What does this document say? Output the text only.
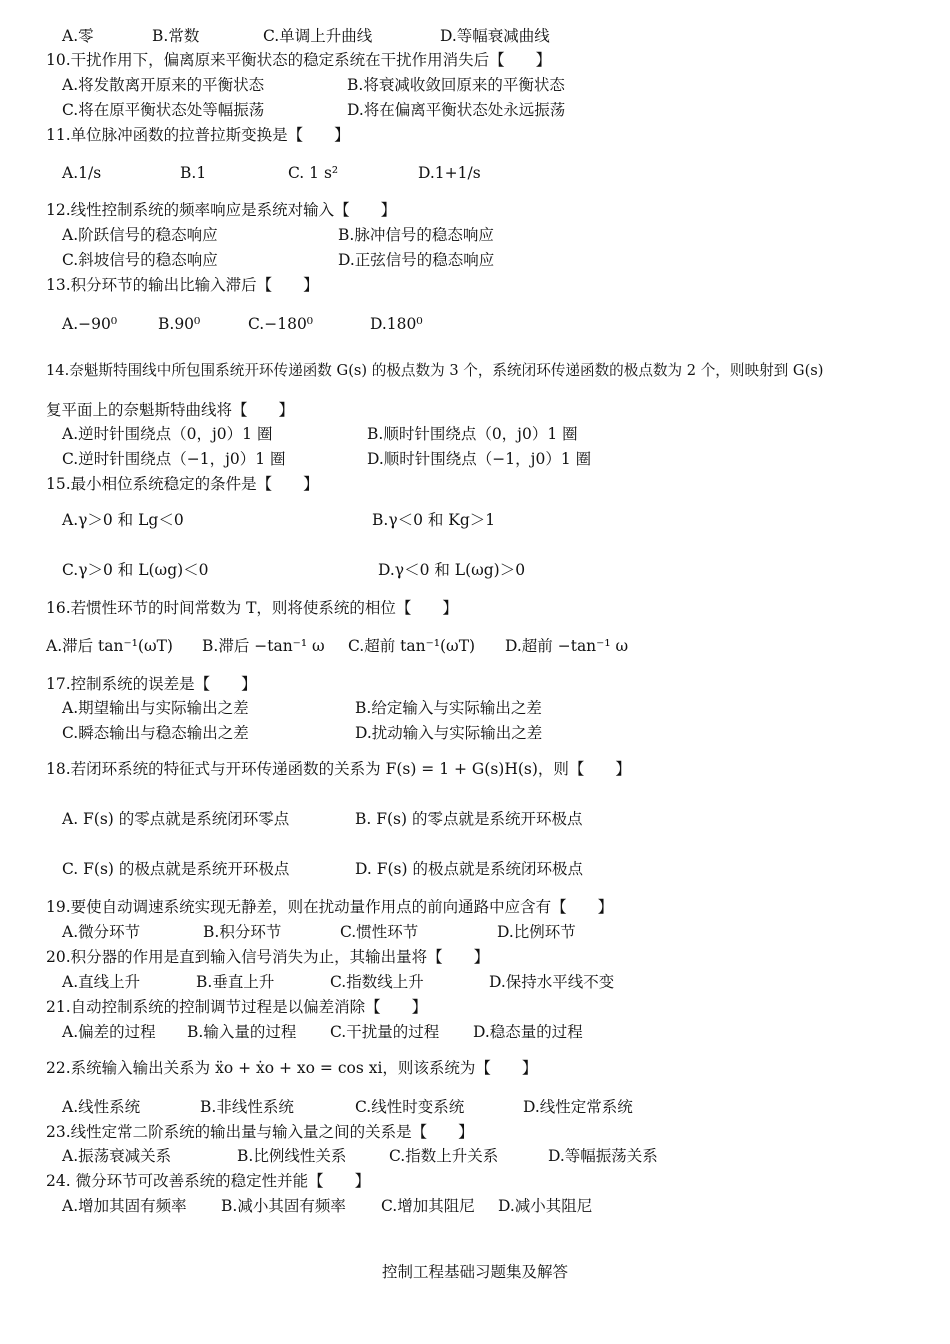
A.零	B.常数	C.单调上升曲线	D.等幅衰减曲线
10.干扰作用下，偏离原来平衡状态的稳定系统在干扰作用消失后【　　】
A.将发散离开原来的平衡状态	B.将衰减收敛回原来的平衡状态
C.将在原平衡状态处等幅振荡	D.将在偏离平衡状态处永远振荡
11.单位脉冲函数的拉普拉斯变换是【　　】
A.1/s	B.1	C. 1 s²	D.1+1/s
12.线性控制系统的频率响应是系统对输入【　　】
A.阶跃信号的稳态响应	B.脉冲信号的稳态响应
C.斜坡信号的稳态响应	D.正弦信号的稳态响应
13.积分环节的输出比输入滞后【　　】
A.−90⁰	B.90⁰	C.−180⁰	D.180⁰
14.奈魁斯特围线中所包围系统开环传递函数 G(s) 的极点数为 3 个，系统闭环传递函数的极点数为 2 个，则映射到 G(s)
复平面上的奈魁斯特曲线将【　　】
A.逆时针围绕点（0，j0）1 圈	B.顺时针围绕点（0，j0）1 圈
C.逆时针围绕点（−1，j0）1 圈	D.顺时针围绕点（−1，j0）1 圈
15.最小相位系统稳定的条件是【　　】
A.γ＞0 和 Lg＜0	B.γ＜0 和 Kg＞1
C.γ＞0 和 L(ωg)＜0	D.γ＜0 和 L(ωg)＞0
16.若惯性环节的时间常数为 T，则将使系统的相位【　　】
A.滞后 tan⁻¹(ωT) B.滞后 −tan⁻¹ ω C.超前 tan⁻¹(ωT) D.超前 −tan⁻¹ ω
17.控制系统的误差是【　　】
A.期望输出与实际输出之差	B.给定输入与实际输出之差
C.瞬态输出与稳态输出之差	D.扰动输入与实际输出之差
18.若闭环系统的特征式与开环传递函数的关系为 F(s) = 1 + G(s)H(s)，则【　　】
A. F(s) 的零点就是系统闭环零点	B. F(s) 的零点就是系统开环极点
C. F(s) 的极点就是系统开环极点	D. F(s) 的极点就是系统闭环极点
19.要使自动调速系统实现无静差，则在扰动量作用点的前向通路中应含有【　　】
A.微分环节	B.积分环节	C.惯性环节	D.比例环节
20.积分器的作用是直到输入信号消失为止，其输出量将【　　】
A.直线上升	B.垂直上升	C.指数线上升	D.保持水平线不变
21.自动控制系统的控制调节过程是以偏差消除【　　】
A.偏差的过程 B.输入量的过程 C.干扰量的过程 D.稳态量的过程
22.系统输入输出关系为 ẍo + ẋo + xo = cos xi，则该系统为【　　】
A.线性系统	B.非线性系统	C.线性时变系统	D.线性定常系统
23.线性定常二阶系统的输出量与输入量之间的关系是【　　】
A.振荡衰减关系	B.比例线性关系	C.指数上升关系	D.等幅振荡关系
24. 微分环节可改善系统的稳定性并能【　　】
A.增加其固有频率 B.减小其固有频率 C.增加其阻尼 D.减小其阻尼
控制工程基础习题集及解答
